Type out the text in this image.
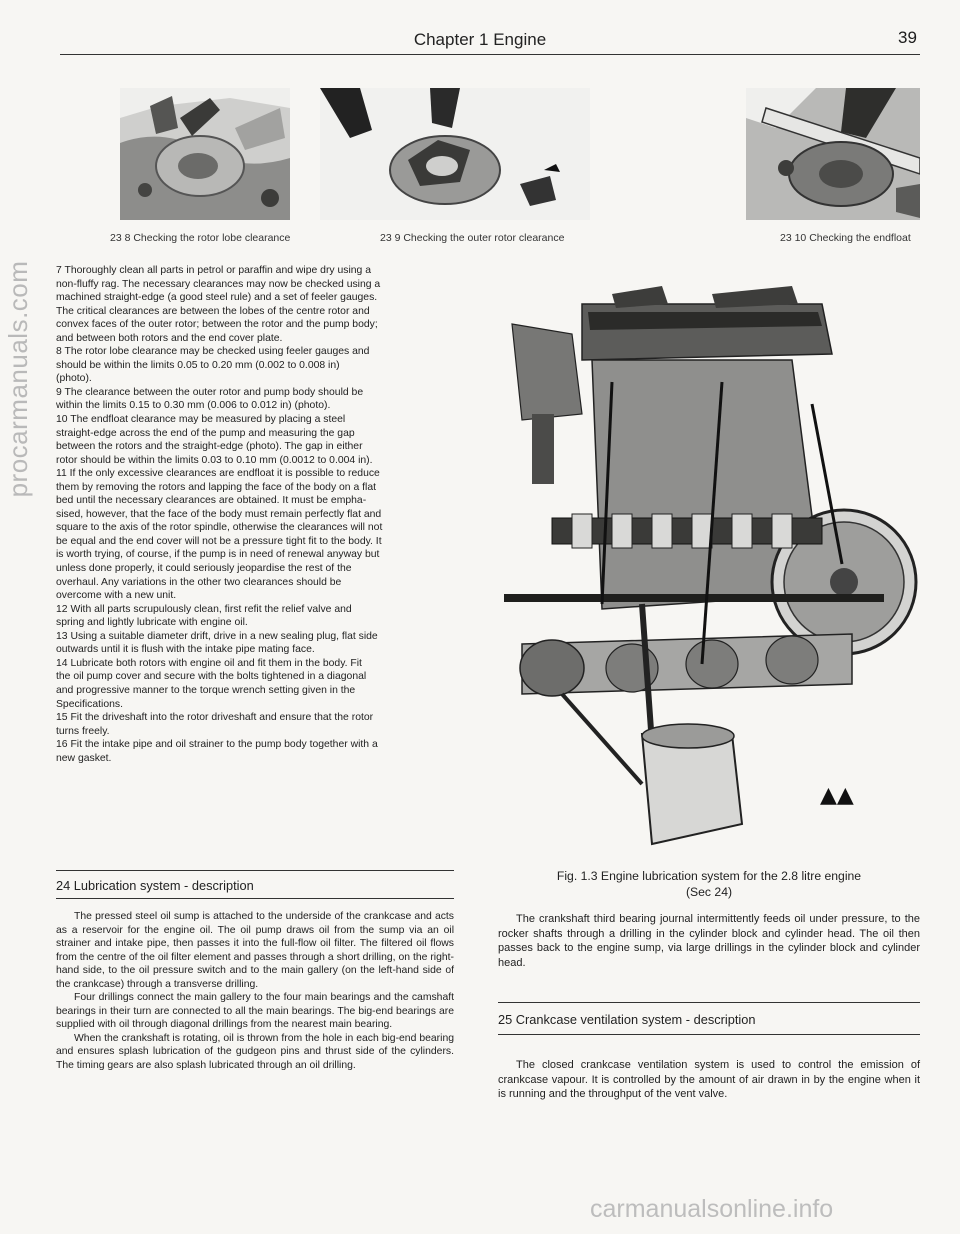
Chapter 1 Engine	39
23 8 Checking the rotor lobe clearance	23 9 Checking the outer rotor clearance	23 10 Checking the endfloat

7 Thoroughly clean all parts in petrol or paraffin and wipe dry using a

non-fluffy rag. The necessary clearances may now be checked using a

machined straight-edge (a good steel rule) and a set of feeler gauges.

The critical clearances are between the lobes of the centre rotor and

convex faces of the outer rotor; between the rotor and the pump body;

and between both rotors and the end cover plate.

8 The rotor lobe clearance may be checked using feeler gauges and

should be within the limits 0.05 to 0.20 mm (0.002 to 0.008 in)

(photo).

9 The clearance between the outer rotor and pump body should be

within the limits 0.15 to 0.30 mm (0.006 to 0.012 in) (photo).

10 The endfloat clearance may be measured by placing a steel

straight-edge across the end of the pump and measuring the gap

between the rotors and the straight-edge (photo). The gap in either

rotor should be within the limits 0.03 to 0.10 mm (0.0012 to 0.004 in).

11 If the only excessive clearances are endfloat it is possible to reduce

them by removing the rotors and lapping the face of the body on a flat

bed until the necessary clearances are obtained. It must be empha-

sised, however, that the face of the body must remain perfectly flat and

square to the axis of the rotor spindle, otherwise the clearances will not

be equal and the end cover will not be a pressure tight fit to the body. It

is worth trying, of course, if the pump is in need of renewal anyway but

unless done properly, it could seriously jeopardise the rest of the

overhaul. Any variations in the other two clearances should be

overcome with a new unit.

12 With all parts scrupulously clean, first refit the relief valve and

spring and lightly lubricate with engine oil.

13 Using a suitable diameter drift, drive in a new sealing plug, flat side

outwards until it is flush with the intake pipe mating face.

14 Lubricate both rotors with engine oil and fit them in the body. Fit

the oil pump cover and secure with the bolts tightened in a diagonal

and progressive manner to the torque wrench setting given in the

Specifications.

15 Fit the driveshaft into the rotor driveshaft and ensure that the rotor

turns freely.

16 Fit the intake pipe and oil strainer to the pump body together with a

new gasket.

24 Lubrication system - description

The pressed steel oil sump is attached to the underside of the crankcase and acts as a reservoir for the engine oil. The oil pump draws oil from the sump via an oil strainer and intake pipe, then passes it into the full-flow oil filter. The filtered oil flows from the centre of the oil filter element and passes through a short drilling, on the right-hand side, to the oil pressure switch and to the main gallery (on the left-hand side of the crankcase) through a transverse drilling.

Four drillings connect the main gallery to the four main bearings and the camshaft bearings in their turn are connected to all the main bearings. The big-end bearings are supplied with oil through diagonal drillings from the nearest main bearing.

When the crankshaft is rotating, oil is thrown from the hole in each big-end bearing and ensures splash lubrication of the gudgeon pins and thrust side of the cylinders. The timing gears are also splash lubricated through an oil drilling.

▲▲
Fig. 1.3 Engine lubrication system for the 2.8 litre engine
(Sec 24)

The crankshaft third bearing journal intermittently feeds oil under pressure, to the rocker shafts through a drilling in the cylinder block and cylinder head. The oil then passes back to the engine sump, via large drillings in the cylinder block and cylinder head.

25 Crankcase ventilation system - description

The closed crankcase ventilation system is used to control the emission of crankcase vapour. It is controlled by the amount of air drawn in by the engine when it is running and the throughput of the vent valve.

procarmanuals.com
carmanualsonline.info
